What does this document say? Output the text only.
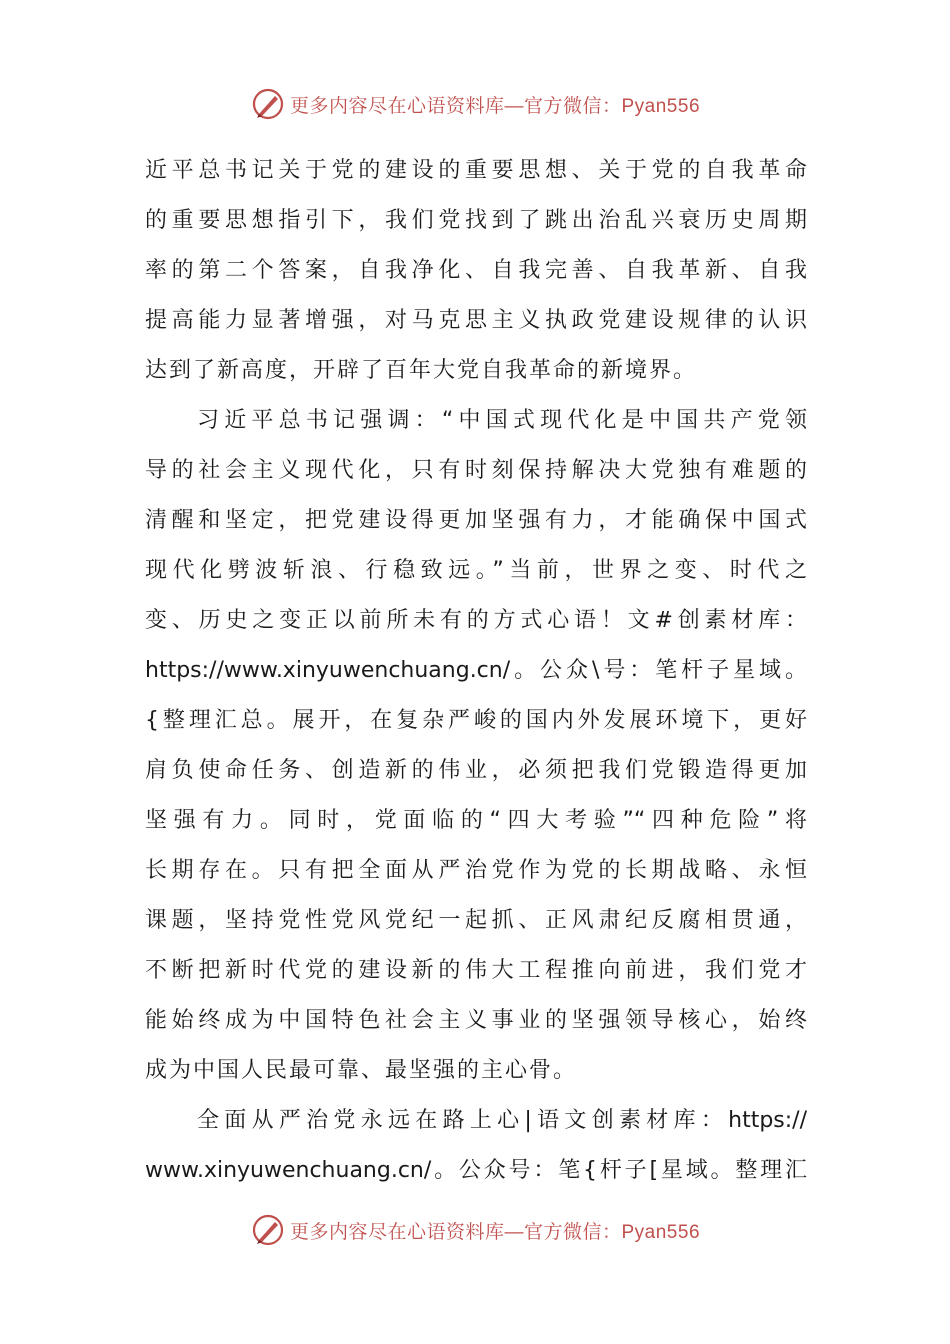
更多内容尽在心语资料库—官方微信：Pyan556
近平总书记关于党的建设的重要思想、关于党的自我革命
的重要思想指引下，我们党找到了跳出治乱兴衰历史周期
率的第二个答案，自我净化、自我完善、自我革新、自我
提高能力显著增强，对马克思主义执政党建设规律的认识
达到了新高度，开辟了百年大党自我革命的新境界。
习近平总书记强调：“中国式现代化是中国共产党领
导的社会主义现代化，只有时刻保持解决大党独有难题的
清醒和坚定，把党建设得更加坚强有力，才能确保中国式
现代化劈波斩浪、行稳致远。”当前，世界之变、时代之
变、历史之变正以前所未有的方式心语！文#创素材库：
https://www.xinyuwenchuang.cn/。公众\号：笔杆子星域。
{整理汇总。展开，在复杂严峻的国内外发展环境下，更好
肩负使命任务、创造新的伟业，必须把我们党锻造得更加
坚强有力。同时，党面临的“四大考验”“四种危险”将
长期存在。只有把全面从严治党作为党的长期战略、永恒
课题，坚持党性党风党纪一起抓、正风肃纪反腐相贯通，
不断把新时代党的建设新的伟大工程推向前进，我们党才
能始终成为中国特色社会主义事业的坚强领导核心，始终
成为中国人民最可靠、最坚强的主心骨。
全面从严治党永远在路上心|语文创素材库：https://
www.xinyuwenchuang.cn/。公众号：笔{杆子[星域。整理汇
更多内容尽在心语资料库—官方微信：Pyan556
